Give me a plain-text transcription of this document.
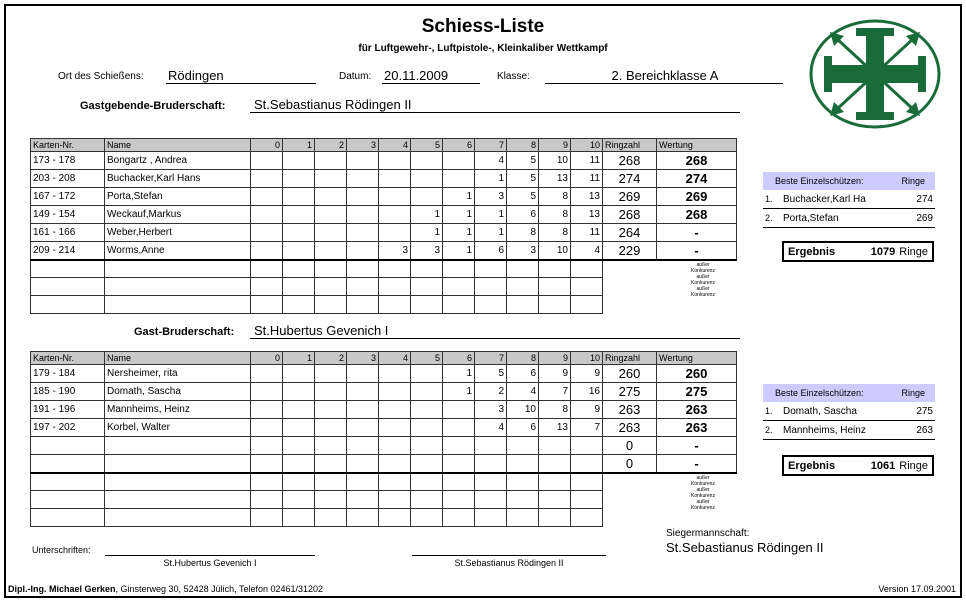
Schiess-Liste
für Luftgewehr-, Luftpistole-, Kleinkaliber Wettkampf
Ort des Schießens: Rödingen	Datum: 20.11.2009	Klasse:	2. Bereichklasse A
Gastgebende-Bruderschaft:	St.Sebastianus Rödingen II
Karten-Nr.	Name	0	1	2	3	4	5	6	7	8	9	10	Ringzahl	Wertung
173 - 178	Bongartz , Andrea								4	5	10	11	268	268
203 - 208	Buchacker,Karl Hans								1	5	13	11	274	274
167 - 172	Porta,Stefan							1	3	5	8	13	269	269
149 - 154	Weckauf,Markus						1	1	1	6	8	13	268	268
161 - 166	Weber,Herbert						1	1	1	8	8	11	264	-
209 - 214	Worms,Anne					3	3	1	6	3	10	4	229	-

Gast-Bruderschaft:	St.Hubertus Gevenich I
Karten-Nr.	Name	0	1	2	3	4	5	6	7	8	9	10	Ringzahl	Wertung
179 - 184	Nersheimer, rita							1	5	6	9	9	260	260
185 - 190	Domath, Sascha							1	2	4	7	16	275	275
191 - 196	Mannheims, Heinz								3	10	8	9	263	263
197 - 202	Korbel, Walter								4	6	13	7	263	263
													0	-
													0	-

Beste Einzelschützen:	Ringe
1.	Buchacker,Karl Ha	274
2.	Porta,Stefan	269
Ergebnis	1079 Ringe
Beste Einzelschützen:	Ringe
1.	Domath, Sascha	275
2.	Mannheims, Heinz	263
Ergebnis	1061 Ringe
außer
Konkurenz
außer
Konkurenz
außer
Konkurenz
außer
Konkurenz
außer
Konkurenz
außer
Konkurenz
Siegermannschaft:
St.Sebastianus Rödingen II
Unterschriften:
St.Hubertus Gevenich I	St.Sebastianus Rödingen II
Dipl.-Ing. Michael Gerken, Ginsterweg 30, 52428 Jülich, Telefon 02461/31202	Version 17.09.2001
